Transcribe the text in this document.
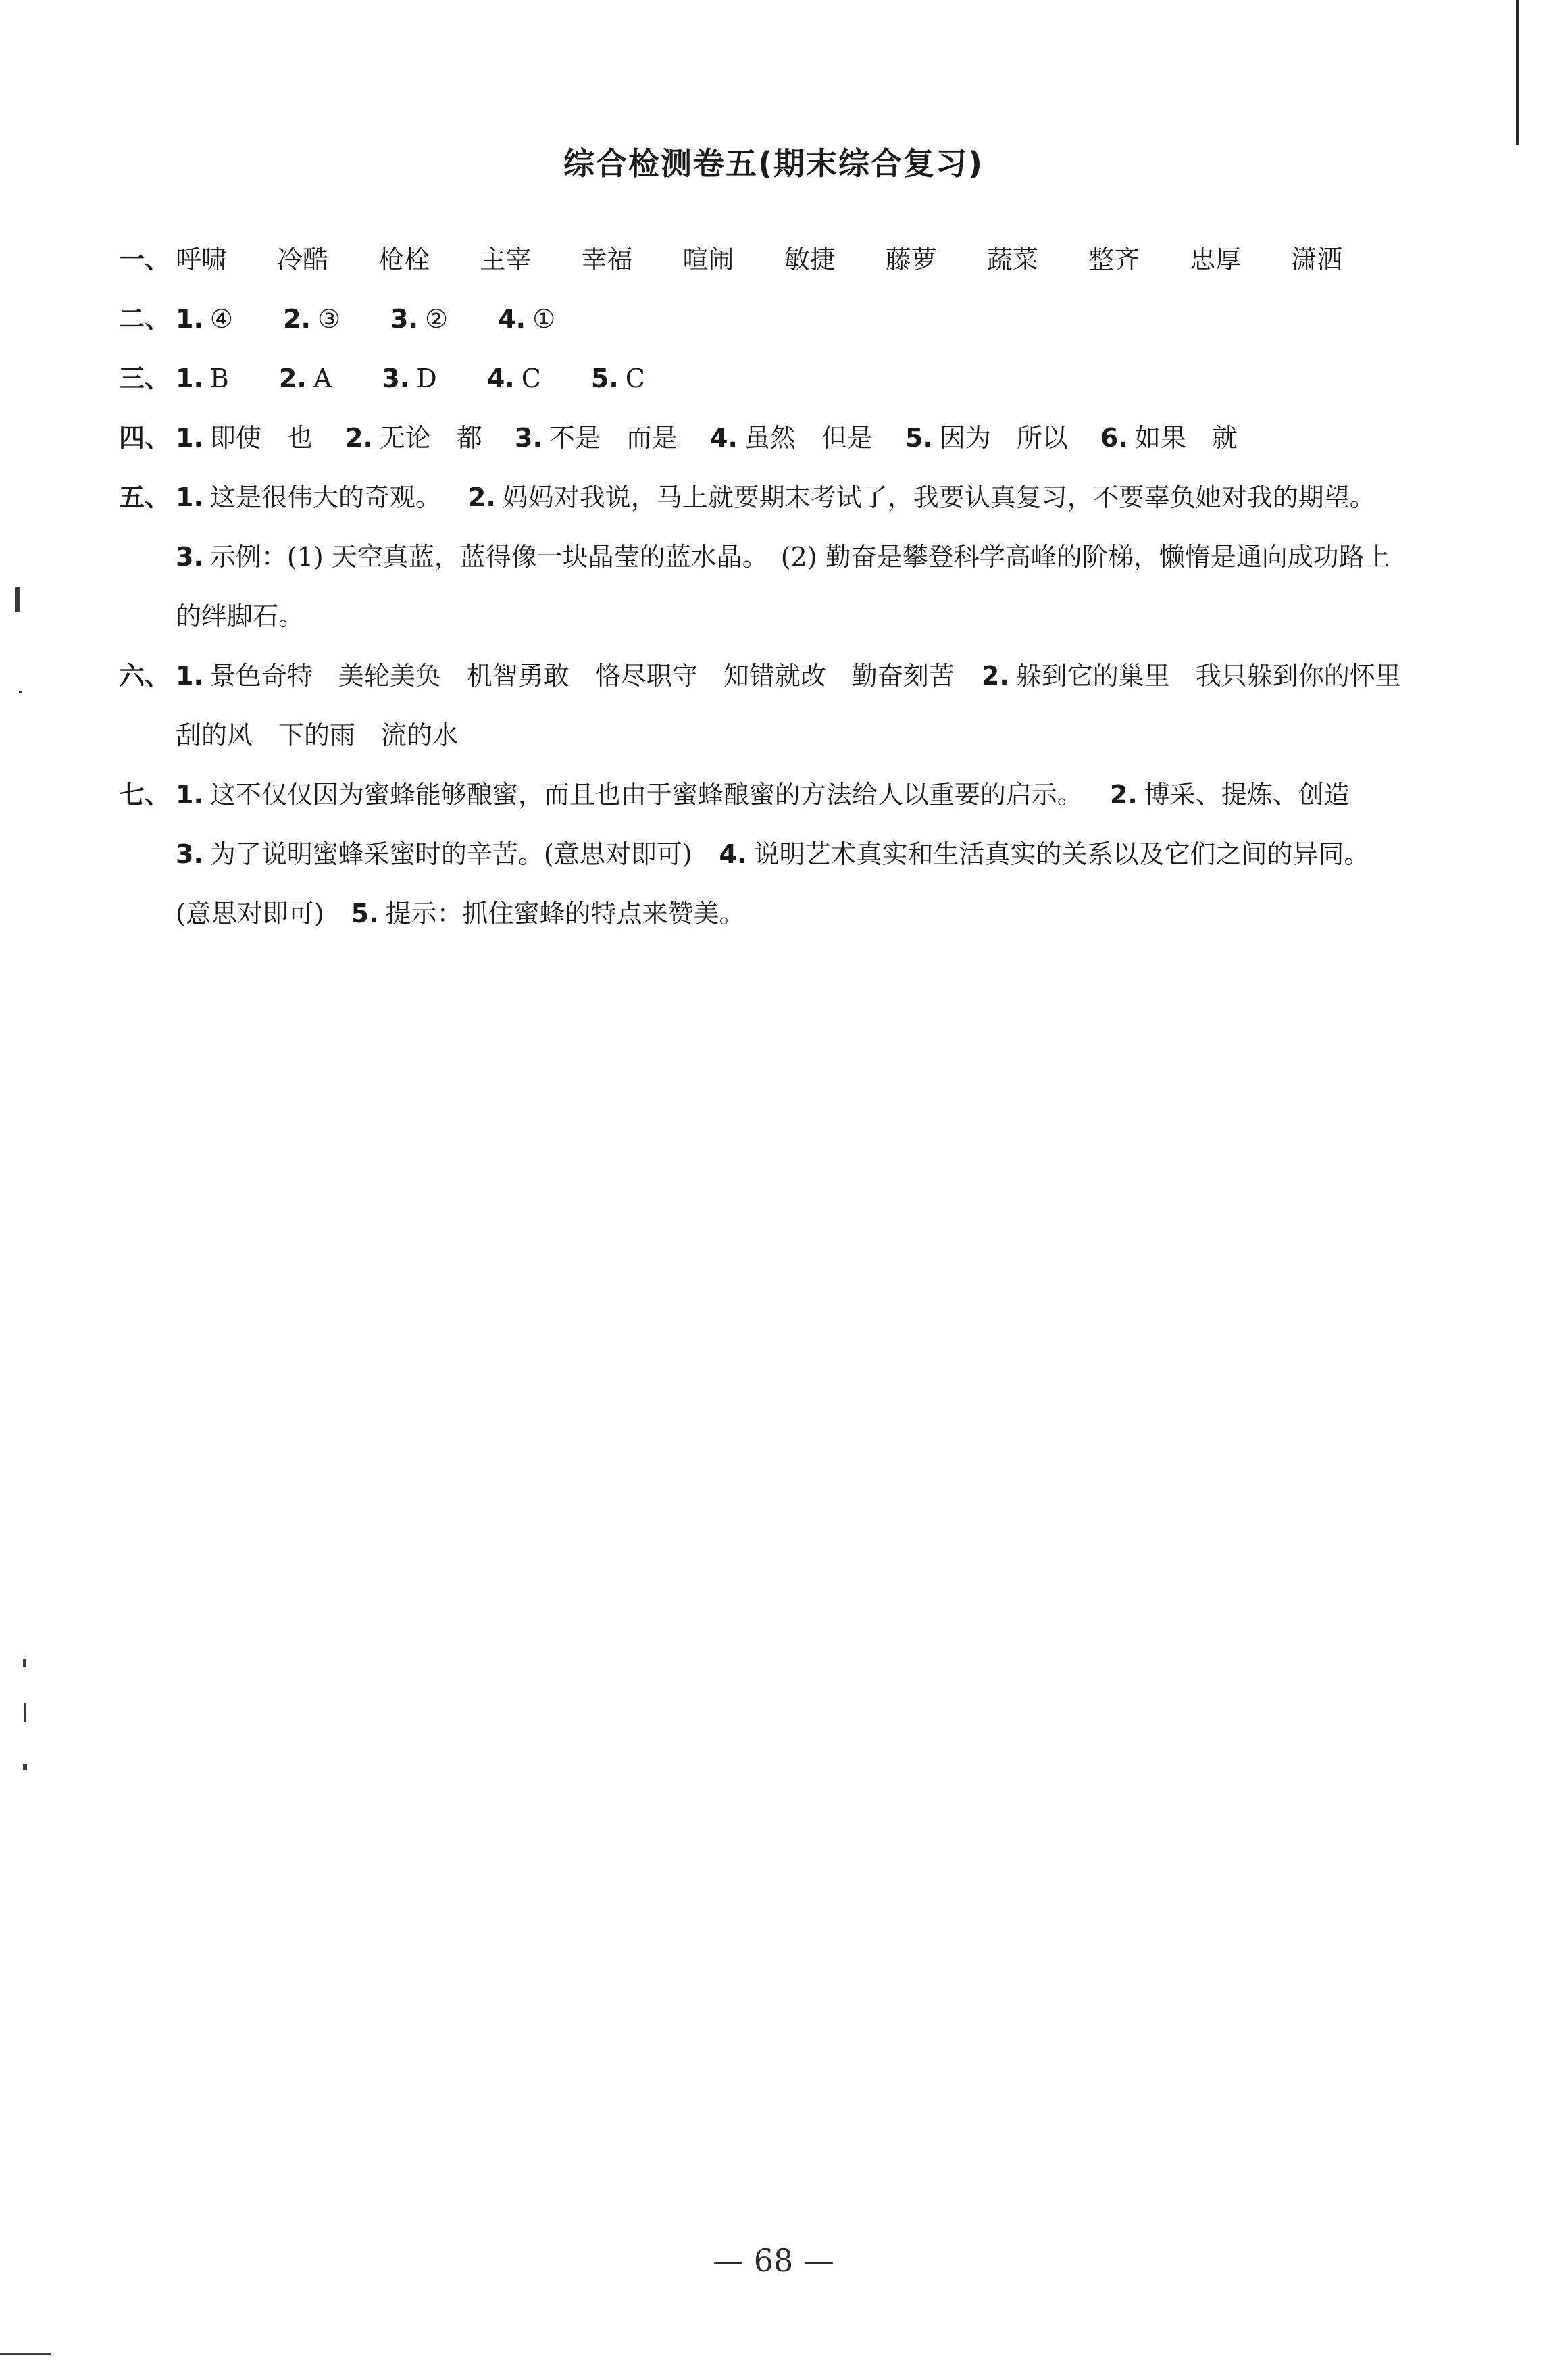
综合检测卷五(期末综合复习)
一、 呼啸 冷酷 枪栓 主宰 幸福 喧闹 敏捷 藤萝 蔬菜 整齐 忠厚 潇洒
二、 1. ④ 2. ③ 3. ② 4. ①
三、 1. B 2. A 3. D 4. C 5. C
四、 1. 即使　也 2. 无论　都 3. 不是　而是 4. 虽然　但是 5. 因为　所以 6. 如果　就
五、 1. 这是很伟大的奇观。 2. 妈妈对我说，马上就要期末考试了，我要认真复习，不要辜负她对我的期望。3. 示例：(1) 天空真蓝，蓝得像一块晶莹的蓝水晶。　(2) 勤奋是攀登科学高峰的阶梯，懒惰是通向成功路上的绊脚石。
六、 1. 景色奇特　美轮美奂　机智勇敢　恪尽职守　知错就改　勤奋刻苦 2. 躲到它的巢里　我只躲到你的怀里　刮的风　下的雨　流的水
七、 1. 这不仅仅因为蜜蜂能够酿蜜，而且也由于蜜蜂酿蜜的方法给人以重要的启示。 2. 博采、提炼、创造3. 为了说明蜜蜂采蜜时的辛苦。(意思对即可) 4. 说明艺术真实和生活真实的关系以及它们之间的异同。(意思对即可) 5. 提示：抓住蜜蜂的特点来赞美。
— 68 —
